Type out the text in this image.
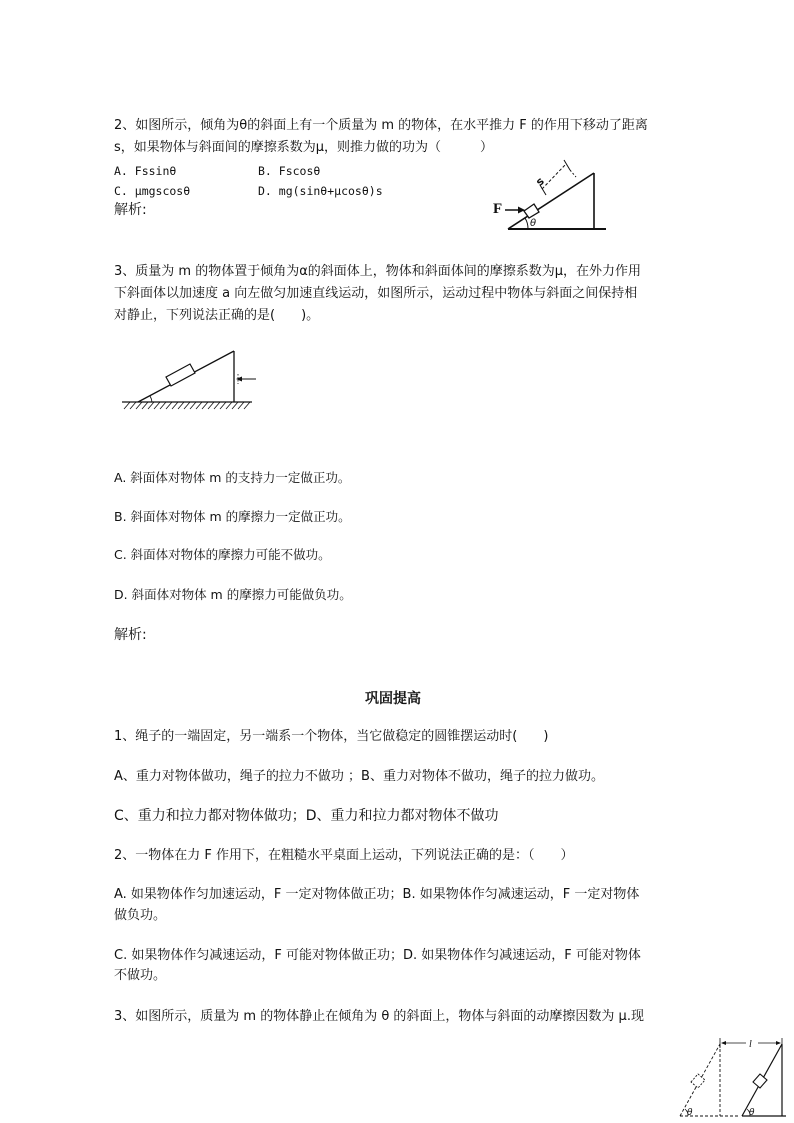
2、如图所示，倾角为θ的斜面上有一个质量为 m 的物体，在水平推力 F 的作用下移动了距离
s，如果物体与斜面间的摩擦系数为μ，则推力做的功为（　　　）
A. Fssinθ	B. Fscosθ
C. μmgscosθ	D. mg(sinθ+μcosθ)s
解析:	F
θ
s
3、质量为 m 的物体置于倾角为α的斜面体上，物体和斜面体间的摩擦系数为μ，在外力作用
下斜面体以加速度 a 向左做匀加速直线运动，如图所示，运动过程中物体与斜面之间保持相
对静止，下列说法正确的是(　　)。
A. 斜面体对物体 m 的支持力一定做正功。
B. 斜面体对物体 m 的摩擦力一定做正功。
C. 斜面体对物体的摩擦力可能不做功。
D. 斜面体对物体 m 的摩擦力可能做负功。
解析:
巩固提高
1、绳子的一端固定，另一端系一个物体，当它做稳定的圆锥摆运动时(　　)
A、重力对物体做功，绳子的拉力不做功 ；B、重力对物体不做功，绳子的拉力做功。
C、重力和拉力都对物体做功；D、重力和拉力都对物体不做功
2、一物体在力 F 作用下，在粗糙水平桌面上运动，下列说法正确的是：（　　）
A. 如果物体作匀加速运动，F 一定对物体做正功；B. 如果物体作匀减速运动，F 一定对物体
做负功。
C. 如果物体作匀减速运动，F 可能对物体做正功；D. 如果物体作匀减速运动，F 可能对物体
不做功。
3、如图所示，质量为 m 的物体静止在倾角为 θ 的斜面上，物体与斜面的动摩擦因数为 μ.现
l
θ	θ
